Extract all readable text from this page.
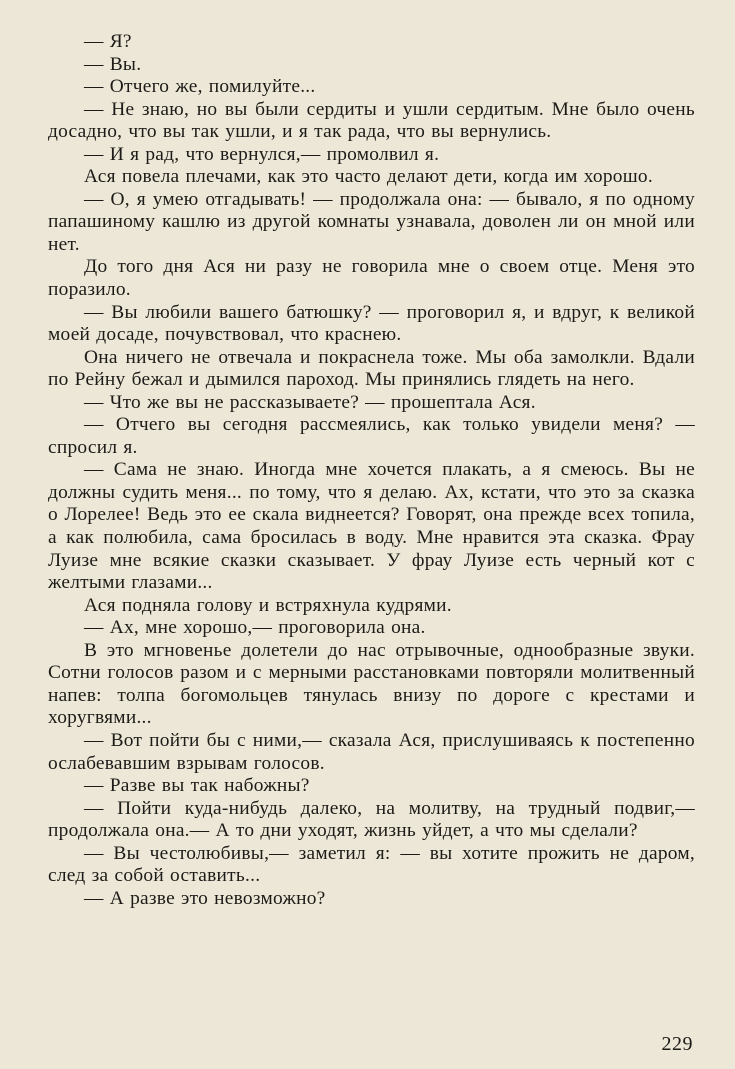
— Я?

— Вы.

— Отчего же, помилуйте...

— Не знаю, но вы были сердиты и ушли сердитым. Мне было очень досадно, что вы так ушли, и я так рада, что вы вернулись.

— И я рад, что вернулся,— промолвил я.

Ася повела плечами, как это часто делают дети, когда им хорошо.

— О, я умею отгадывать! — продолжала она: — бывало, я по одному папашиному кашлю из другой комнаты узнавала, доволен ли он мной или нет.

До того дня Ася ни разу не говорила мне о своем отце. Меня это поразило.

— Вы любили вашего батюшку? — проговорил я, и вдруг, к великой моей досаде, почувствовал, что краснею.

Она ничего не отвечала и покраснела тоже. Мы оба замолкли. Вдали по Рейну бежал и дымился пароход. Мы принялись глядеть на него.

— Что же вы не рассказываете? — прошептала Ася.

— Отчего вы сегодня рассмеялись, как только увидели меня? — спросил я.

— Сама не знаю. Иногда мне хочется плакать, а я смеюсь. Вы не должны судить меня... по тому, что я делаю. Ах, кстати, что это за сказка о Лорелее! Ведь это ее скала виднеется? Говорят, она прежде всех топила, а как полюбила, сама бросилась в воду. Мне нравится эта сказка. Фрау Луизе мне всякие сказки сказывает. У фрау Луизе есть черный кот с желтыми глазами...

Ася подняла голову и встряхнула кудрями.

— Ах, мне хорошо,— проговорила она.

В это мгновенье долетели до нас отрывочные, однообразные звуки. Сотни голосов разом и с мерными расстановками повторяли молитвенный напев: толпа богомольцев тянулась внизу по дороге с крестами и хоругвями...

— Вот пойти бы с ними,— сказала Ася, прислушиваясь к постепенно ослабевавшим взрывам голосов.

— Разве вы так набожны?

— Пойти куда-нибудь далеко, на молитву, на трудный подвиг,— продолжала она.— А то дни уходят, жизнь уйдет, а что мы сделали?

— Вы честолюбивы,— заметил я: — вы хотите прожить не даром, след за собой оставить...

— А разве это невозможно?

229
